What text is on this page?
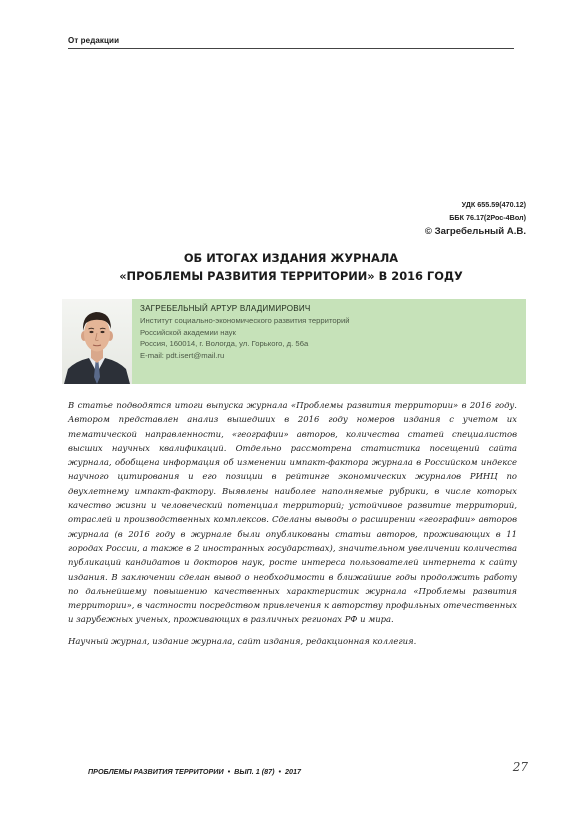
От редакции
УДК 655.59(470.12)
ББК 76.17(2Рос-4Вол)
© Загребельный А.В.
ОБ ИТОГАХ ИЗДАНИЯ ЖУРНАЛА
«ПРОБЛЕМЫ РАЗВИТИЯ ТЕРРИТОРИИ» В 2016 ГОДУ
ЗАГРЕБЕЛЬНЫЙ АРТУР ВЛАДИМИРОВИЧ
Институт социально-экономического развития территорий
Российской академии наук
Россия, 160014, г. Вологда, ул. Горького, д. 56а
E-mail: pdt.isert@mail.ru

В статье подводятся итоги выпуска журнала «Проблемы развития территории» в 2016 году. Автором представлен анализ вышедших в 2016 году номеров издания с учетом их тематической направленности, «географии» авторов, количества статей специалистов высших научных квалификаций. Отдельно рассмотрена статистика посещений сайта журнала, обобщена информация об изменении импакт-фактора журнала в Российском индексе научного цитирования и его позиции в рейтинге экономических журналов РИНЦ по двухлетнему импакт-фактору. Выявлены наиболее наполняемые рубрики, в числе которых качество жизни и человеческий потенциал территорий; устойчивое развитие территорий, отраслей и производственных комплексов. Сделаны выводы о расширении «географии» авторов журнала (в 2016 году в журнале были опубликованы статьи авторов, проживающих в 11 городах России, а также в 2 иностранных государствах), значительном увеличении количества публикаций кандидатов и докторов наук, росте интереса пользователей интернета к сайту издания. В заключении сделан вывод о необходимости в ближайшие годы продолжить работу по дальнейшему повышению качественных характеристик журнала «Проблемы развития территории», в частности посредством привлечения к авторству профильных отечественных и зарубежных ученых, проживающих в различных регионах РФ и мира.

Научный журнал, издание журнала, сайт издания, редакционная коллегия.

ПРОБЛЕМЫ РАЗВИТИЯ ТЕРРИТОРИИ • ВЫП. 1 (87) • 2017	27
